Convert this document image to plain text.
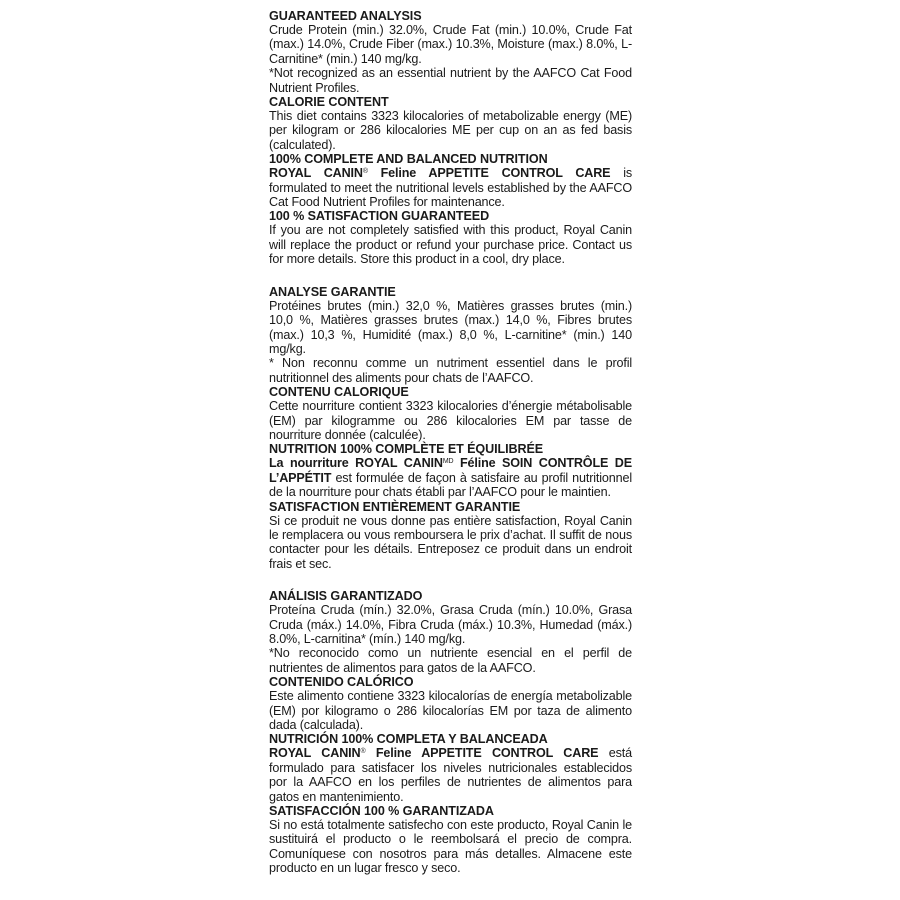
GUARANTEED ANALYSIS

Crude Protein (min.) 32.0%, Crude Fat (min.) 10.0%, Crude Fat (max.) 14.0%, Crude Fiber (max.) 10.3%, Moisture (max.) 8.0%, L-Carnitine* (min.) 140 mg/kg.

*Not recognized as an essential nutrient by the AAFCO Cat Food Nutrient Profiles.

CALORIE CONTENT

This diet contains 3323 kilocalories of metabolizable energy (ME) per kilogram or 286 kilocalories ME per cup on an as fed basis (calculated).

100% COMPLETE AND BALANCED NUTRITION

ROYAL CANIN® Feline APPETITE CONTROL CARE is formulated to meet the nutritional levels established by the AAFCO Cat Food Nutrient Profiles for maintenance.

100 % SATISFACTION GUARANTEED

If you are not completely satisfied with this product, Royal Canin will replace the product or refund your purchase price. Contact us for more details. Store this product in a cool, dry place.

ANALYSE GARANTIE

Protéines brutes (min.) 32,0 %, Matières grasses brutes (min.) 10,0 %, Matières grasses brutes (max.) 14,0 %, Fibres brutes (max.) 10,3 %, Humidité (max.) 8,0 %, L-carnitine* (min.) 140 mg/kg.

* Non reconnu comme un nutriment essentiel dans le profil nutritionnel des aliments pour chats de l’AAFCO.

CONTENU CALORIQUE

Cette nourriture contient 3323 kilocalories d’énergie métabolisable (EM) par kilogramme ou 286 kilocalories EM par tasse de nourriture donnée (calculée).

NUTRITION 100% COMPLÈTE ET ÉQUILIBRÉE

La nourriture ROYAL $CANIN^{MD}$ Féline SOIN CONTRÔLE DE L’APPÉTIT est formulée de façon à satisfaire au profil nutritionnel de la nourriture pour chats établi par l’AAFCO pour le maintien.

SATISFACTION ENTIÈREMENT GARANTIE

Si ce produit ne vous donne pas entière satisfaction, Royal Canin le remplacera ou vous remboursera le prix d’achat. Il suffit de nous contacter pour les détails. Entreposez ce produit dans un endroit frais et sec.

ANÁLISIS GARANTIZADO

Proteína Cruda (mín.) 32.0%, Grasa Cruda (mín.) 10.0%, Grasa Cruda (máx.) 14.0%, Fibra Cruda (máx.) 10.3%, Humedad (máx.) 8.0%, L-carnitina* (mín.) 140 mg/kg.

*No reconocido como un nutriente esencial en el perfil de nutrientes de alimentos para gatos de la AAFCO.

CONTENIDO CALÓRICO

Este alimento contiene 3323 kilocalorías de energía metabolizable (EM) por kilogramo o 286 kilocalorías EM por taza de alimento dada (calculada).

NUTRICIÓN 100% COMPLETA Y BALANCEADA

ROYAL CANIN® Feline APPETITE CONTROL CARE está formulado para satisfacer los niveles nutricionales establecidos por la AAFCO en los perfiles de nutrientes de alimentos para gatos en mantenimiento.

SATISFACCIÓN 100 % GARANTIZADA

Si no está totalmente satisfecho con este producto, Royal Canin le sustituirá el producto o le reembolsará el precio de compra. Comuníquese con nosotros para más detalles. Almacene este producto en un lugar fresco y seco.
